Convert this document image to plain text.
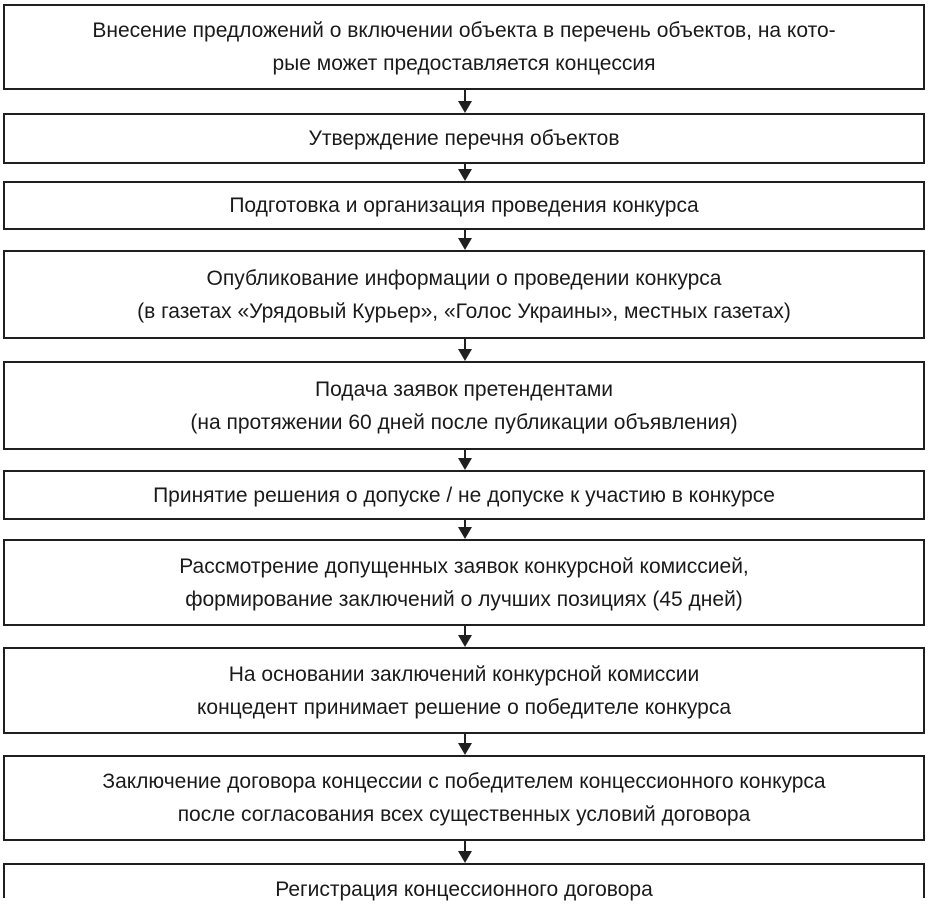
Внесение предложений о включении объекта в перечень объектов, на кото-
рые может предоставляется концессия
Утверждение перечня объектов
Подготовка и организация проведения конкурса
Опубликование информации о проведении конкурса
(в газетах «Урядовый Курьер», «Голос Украины», местных газетах)
Подача заявок претендентами
(на протяжении 60 дней после публикации объявления)
Принятие решения о допуске / не допуске к участию в конкурсе
Рассмотрение допущенных заявок конкурсной комиссией,
формирование заключений о лучших позициях (45 дней)
На основании заключений конкурсной комиссии
концедент принимает решение о победителе конкурса
Заключение договора концессии с победителем концессионного конкурса
после согласования всех существенных условий договора
Регистрация концессионного договора
